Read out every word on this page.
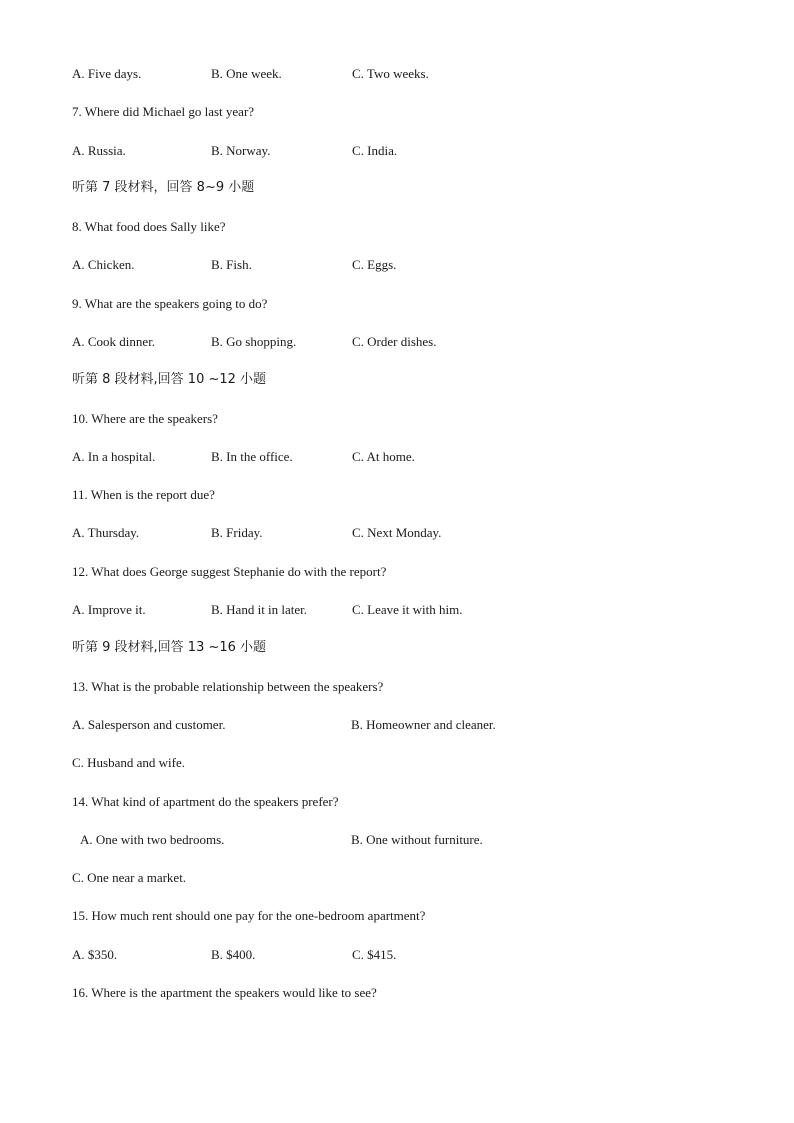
A. Five days.	B. One week.	C. Two weeks.
7. Where did Michael go last year?
A. Russia.	B. Norway.	C. India.
听第 7 段材料，回答 8~9 小题
8. What food does Sally like?
A. Chicken.	B. Fish.	C. Eggs.
9. What are the speakers going to do?
A. Cook dinner.	B. Go shopping.	C. Order dishes.
听第 8 段材料,回答 10 ~12 小题
10. Where are the speakers?
A. In a hospital.	B. In the office.	C. At home.
11. When is the report due?
A. Thursday.	B. Friday.	C. Next Monday.
12. What does George suggest Stephanie do with the report?
A. Improve it.	B. Hand it in later.	C. Leave it with him.
听第 9 段材料,回答 13 ~16 小题
13. What is the probable relationship between the speakers?
A. Salesperson and customer.	B. Homeowner and cleaner.
C. Husband and wife.
14. What kind of apartment do the speakers prefer?
A. One with two bedrooms.	B. One without furniture.
C. One near a market.
15. How much rent should one pay for the one-bedroom apartment?
A. $350.	B. $400.	C. $415.
16. Where is the apartment the speakers would like to see?
